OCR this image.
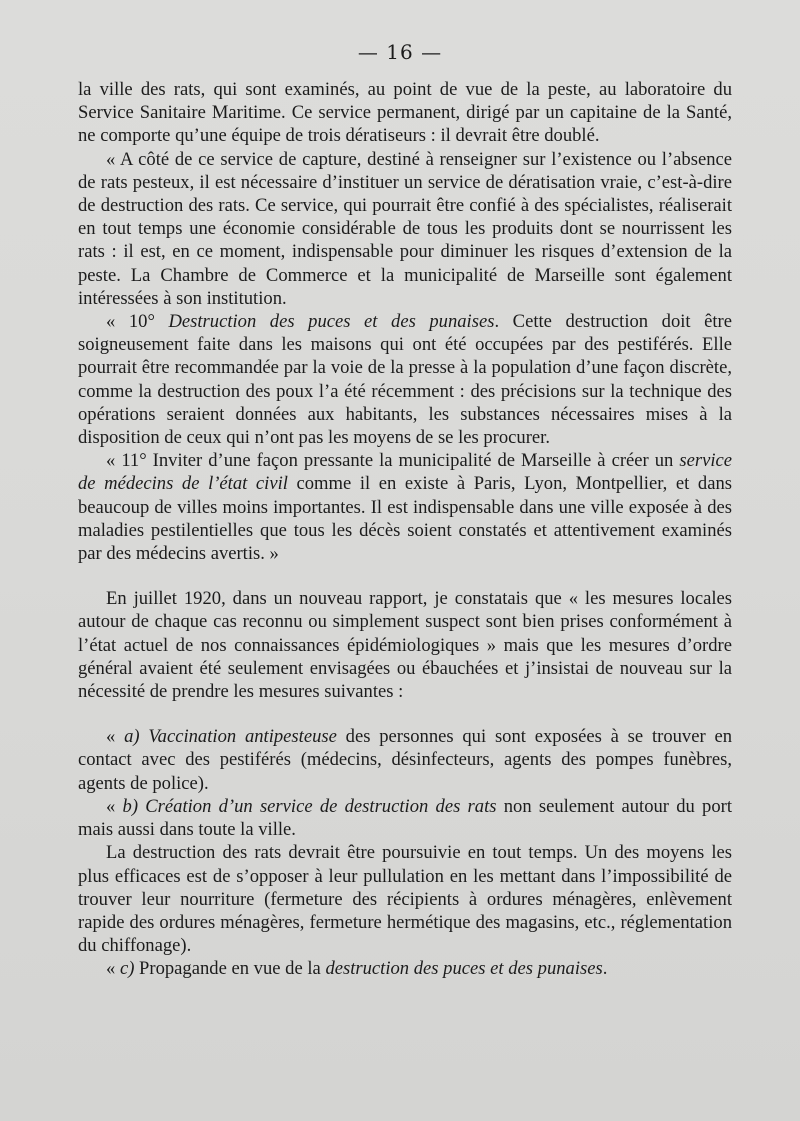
— 16 —

la ville des rats, qui sont examinés, au point de vue de la peste, au laboratoire du Service Sanitaire Maritime. Ce service permanent, dirigé par un capitaine de la Santé, ne comporte qu’une équipe de trois dératiseurs : il devrait être doublé.

« A côté de ce service de capture, destiné à renseigner sur l’existence ou l’absence de rats pesteux, il est nécessaire d’instituer un service de dératisation vraie, c’est-à-dire de destruction des rats. Ce service, qui pourrait être confié à des spécialistes, réaliserait en tout temps une économie considérable de tous les produits dont se nourrissent les rats : il est, en ce moment, indispensable pour diminuer les risques d’extension de la peste. La Chambre de Commerce et la municipalité de Marseille sont également intéressées à son institution.

« 10° Destruction des puces et des punaises. Cette destruction doit être soigneusement faite dans les maisons qui ont été occupées par des pestiférés. Elle pourrait être recommandée par la voie de la presse à la population d’une façon discrète, comme la destruction des poux l’a été récemment : des précisions sur la technique des opérations seraient données aux habitants, les substances nécessaires mises à la disposition de ceux qui n’ont pas les moyens de se les procurer.

« 11° Inviter d’une façon pressante la municipalité de Marseille à créer un service de médecins de l’état civil comme il en existe à Paris, Lyon, Montpellier, et dans beaucoup de villes moins importantes. Il est indispensable dans une ville exposée à des maladies pestilentielles que tous les décès soient constatés et attentivement examinés par des médecins avertis. »

En juillet 1920, dans un nouveau rapport, je constatais que « les mesures locales autour de chaque cas reconnu ou simplement suspect sont bien prises conformément à l’état actuel de nos connaissances épidémiologiques » mais que les mesures d’ordre général avaient été seulement envisagées ou ébauchées et j’insistai de nouveau sur la nécessité de prendre les mesures suivantes :

« a) Vaccination antipesteuse des personnes qui sont exposées à se trouver en contact avec des pestiférés (médecins, désinfecteurs, agents des pompes funèbres, agents de police).

« b) Création d’un service de destruction des rats non seulement autour du port mais aussi dans toute la ville.

La destruction des rats devrait être poursuivie en tout temps. Un des moyens les plus efficaces est de s’opposer à leur pullulation en les mettant dans l’impossibilité de trouver leur nourriture (fermeture des récipients à ordures ménagères, enlèvement rapide des ordures ménagères, fermeture hermétique des magasins, etc., réglementation du chiffonage).

« c) Propagande en vue de la destruction des puces et des punaises.
